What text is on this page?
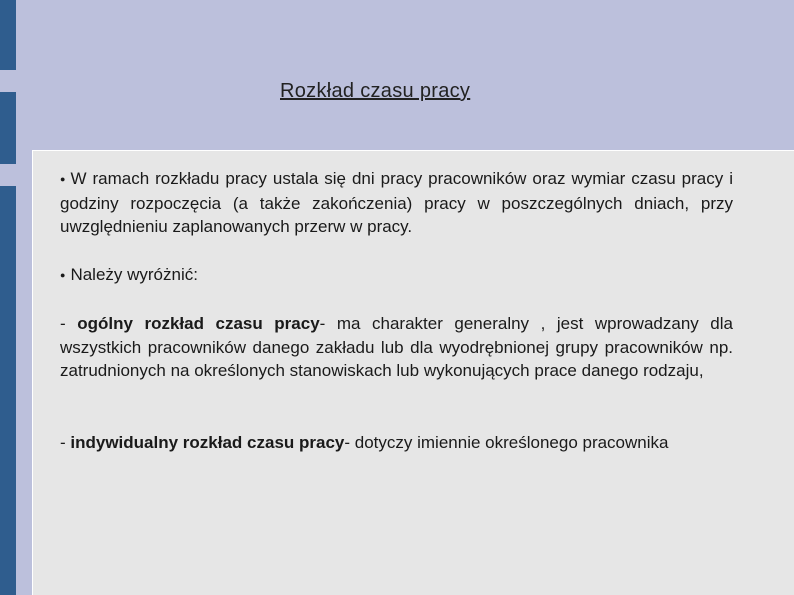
Rozkład czasu pracy
● W ramach rozkładu pracy ustala się dni pracy pracowników oraz wymiar czasu pracy i godziny rozpoczęcia (a także zakończenia) pracy w poszczególnych dniach, przy uwzględnieniu zaplanowanych przerw w pracy.
● Należy wyróżnić:
- ogólny rozkład czasu pracy- ma charakter generalny , jest wprowadzany dla wszystkich pracowników danego zakładu lub dla wyodrębnionej grupy pracowników np. zatrudnionych na określonych stanowiskach lub wykonujących prace danego rodzaju,
- indywidualny rozkład czasu pracy- dotyczy imiennie określonego pracownika
